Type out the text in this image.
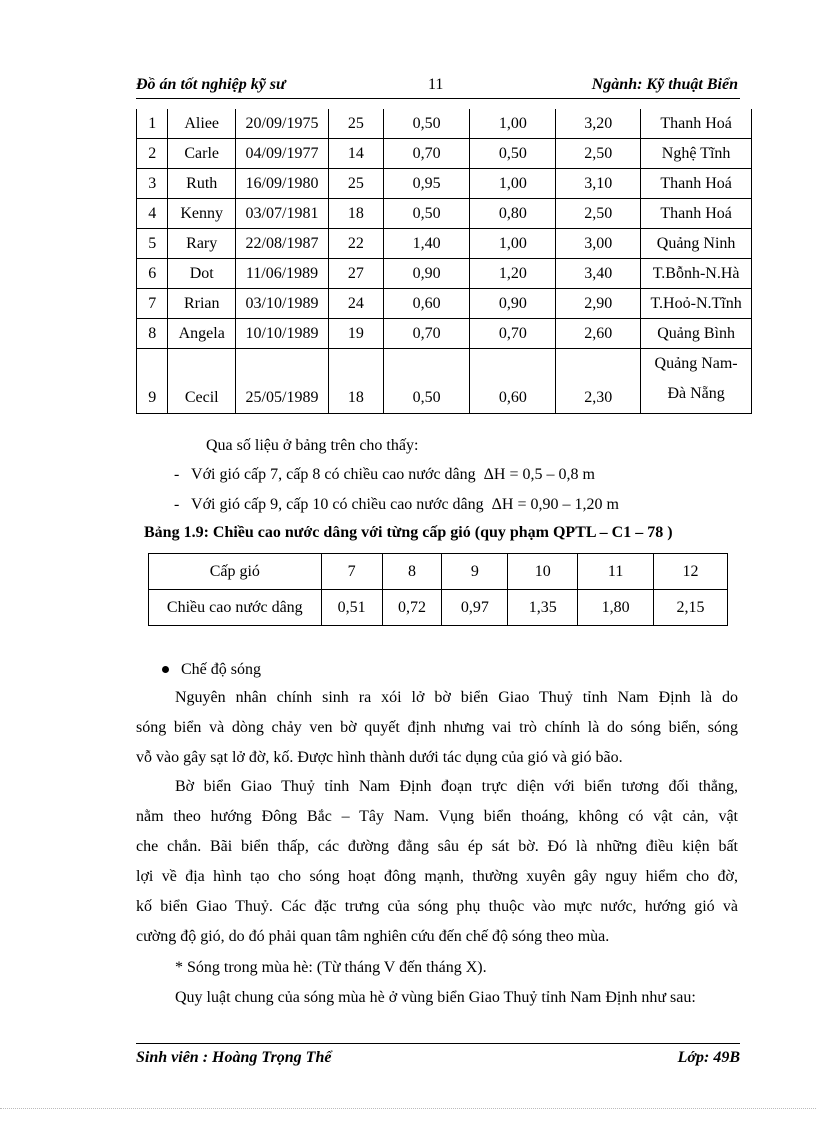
Đồ án tốt nghiệp kỹ sư	11	Ngành: Kỹ thuật Biển
1	Aliee	20/09/1975	25	0,50	1,00	3,20	Thanh Hoá
2	Carle	04/09/1977	14	0,70	0,50	2,50	Nghệ Tĩnh
3	Ruth	16/09/1980	25	0,95	1,00	3,10	Thanh Hoá
4	Kenny	03/07/1981	18	0,50	0,80	2,50	Thanh Hoá
5	Rary	22/08/1987	22	1,40	1,00	3,00	Quảng Ninh
6	Dot	11/06/1989	27	0,90	1,20	3,40	T.Bỗnh-N.Hà
7	Rrian	03/10/1989	24	0,60	0,90	2,90	T.Hoỏ-N.Tĩnh
8	Angela	10/10/1989	19	0,70	0,70	2,60	Quảng Bình
9	Cecil	25/05/1989	18	0,50	0,60	2,30	Quảng Nam-
Đà Nẵng
Qua số liệu ở bảng trên cho thấy:
-   Với gió cấp 7, cấp 8 có chiều cao nước dâng  ΔH = 0,5 – 0,8 m
-   Với gió cấp 9, cấp 10 có chiều cao nước dâng  ΔH = 0,90 – 1,20 m
Bảng 1.9: Chiều cao nước dâng với từng cấp gió (quy phạm QPTL – C1 – 78 )
Cấp gió	7	8	9	10	11	12
Chiều cao nước dâng	0,51	0,72	0,97	1,35	1,80	2,15
Chế độ sóng
Nguyên nhân chính sinh ra xói lở bờ biển Giao Thuỷ tỉnh Nam Định là do
sóng biển và dòng chảy ven bờ quyết định nhưng vai trò chính là do sóng biển, sóng
vỗ vào gây sạt lở đờ, kố. Được hình thành dưới tác dụng của gió và gió bão.
Bờ biển Giao Thuỷ tỉnh Nam Định đoạn trực diện với biển tương đối thẳng,
nằm theo hướng Đông Bắc – Tây Nam. Vụng biển thoáng, không có vật cản, vật
che chắn. Bãi biển thấp, các đường đẳng sâu ép sát bờ. Đó là những điều kiện bất
lợi về địa hình tạo cho sóng hoạt đông mạnh, thường xuyên gây nguy hiểm cho đờ,
kố biển Giao Thuỷ. Các đặc trưng của sóng phụ thuộc vào mực nước, hướng gió và
cường độ gió, do đó phải quan tâm nghiên cứu đến chế độ sóng theo mùa.
* Sóng trong mùa hè: (Từ tháng V đến tháng X).
Quy luật chung của sóng mùa hè ở vùng biển Giao Thuỷ tỉnh Nam Định như sau:
Sinh viên : Hoàng Trọng Thể	Lớp: 49B
